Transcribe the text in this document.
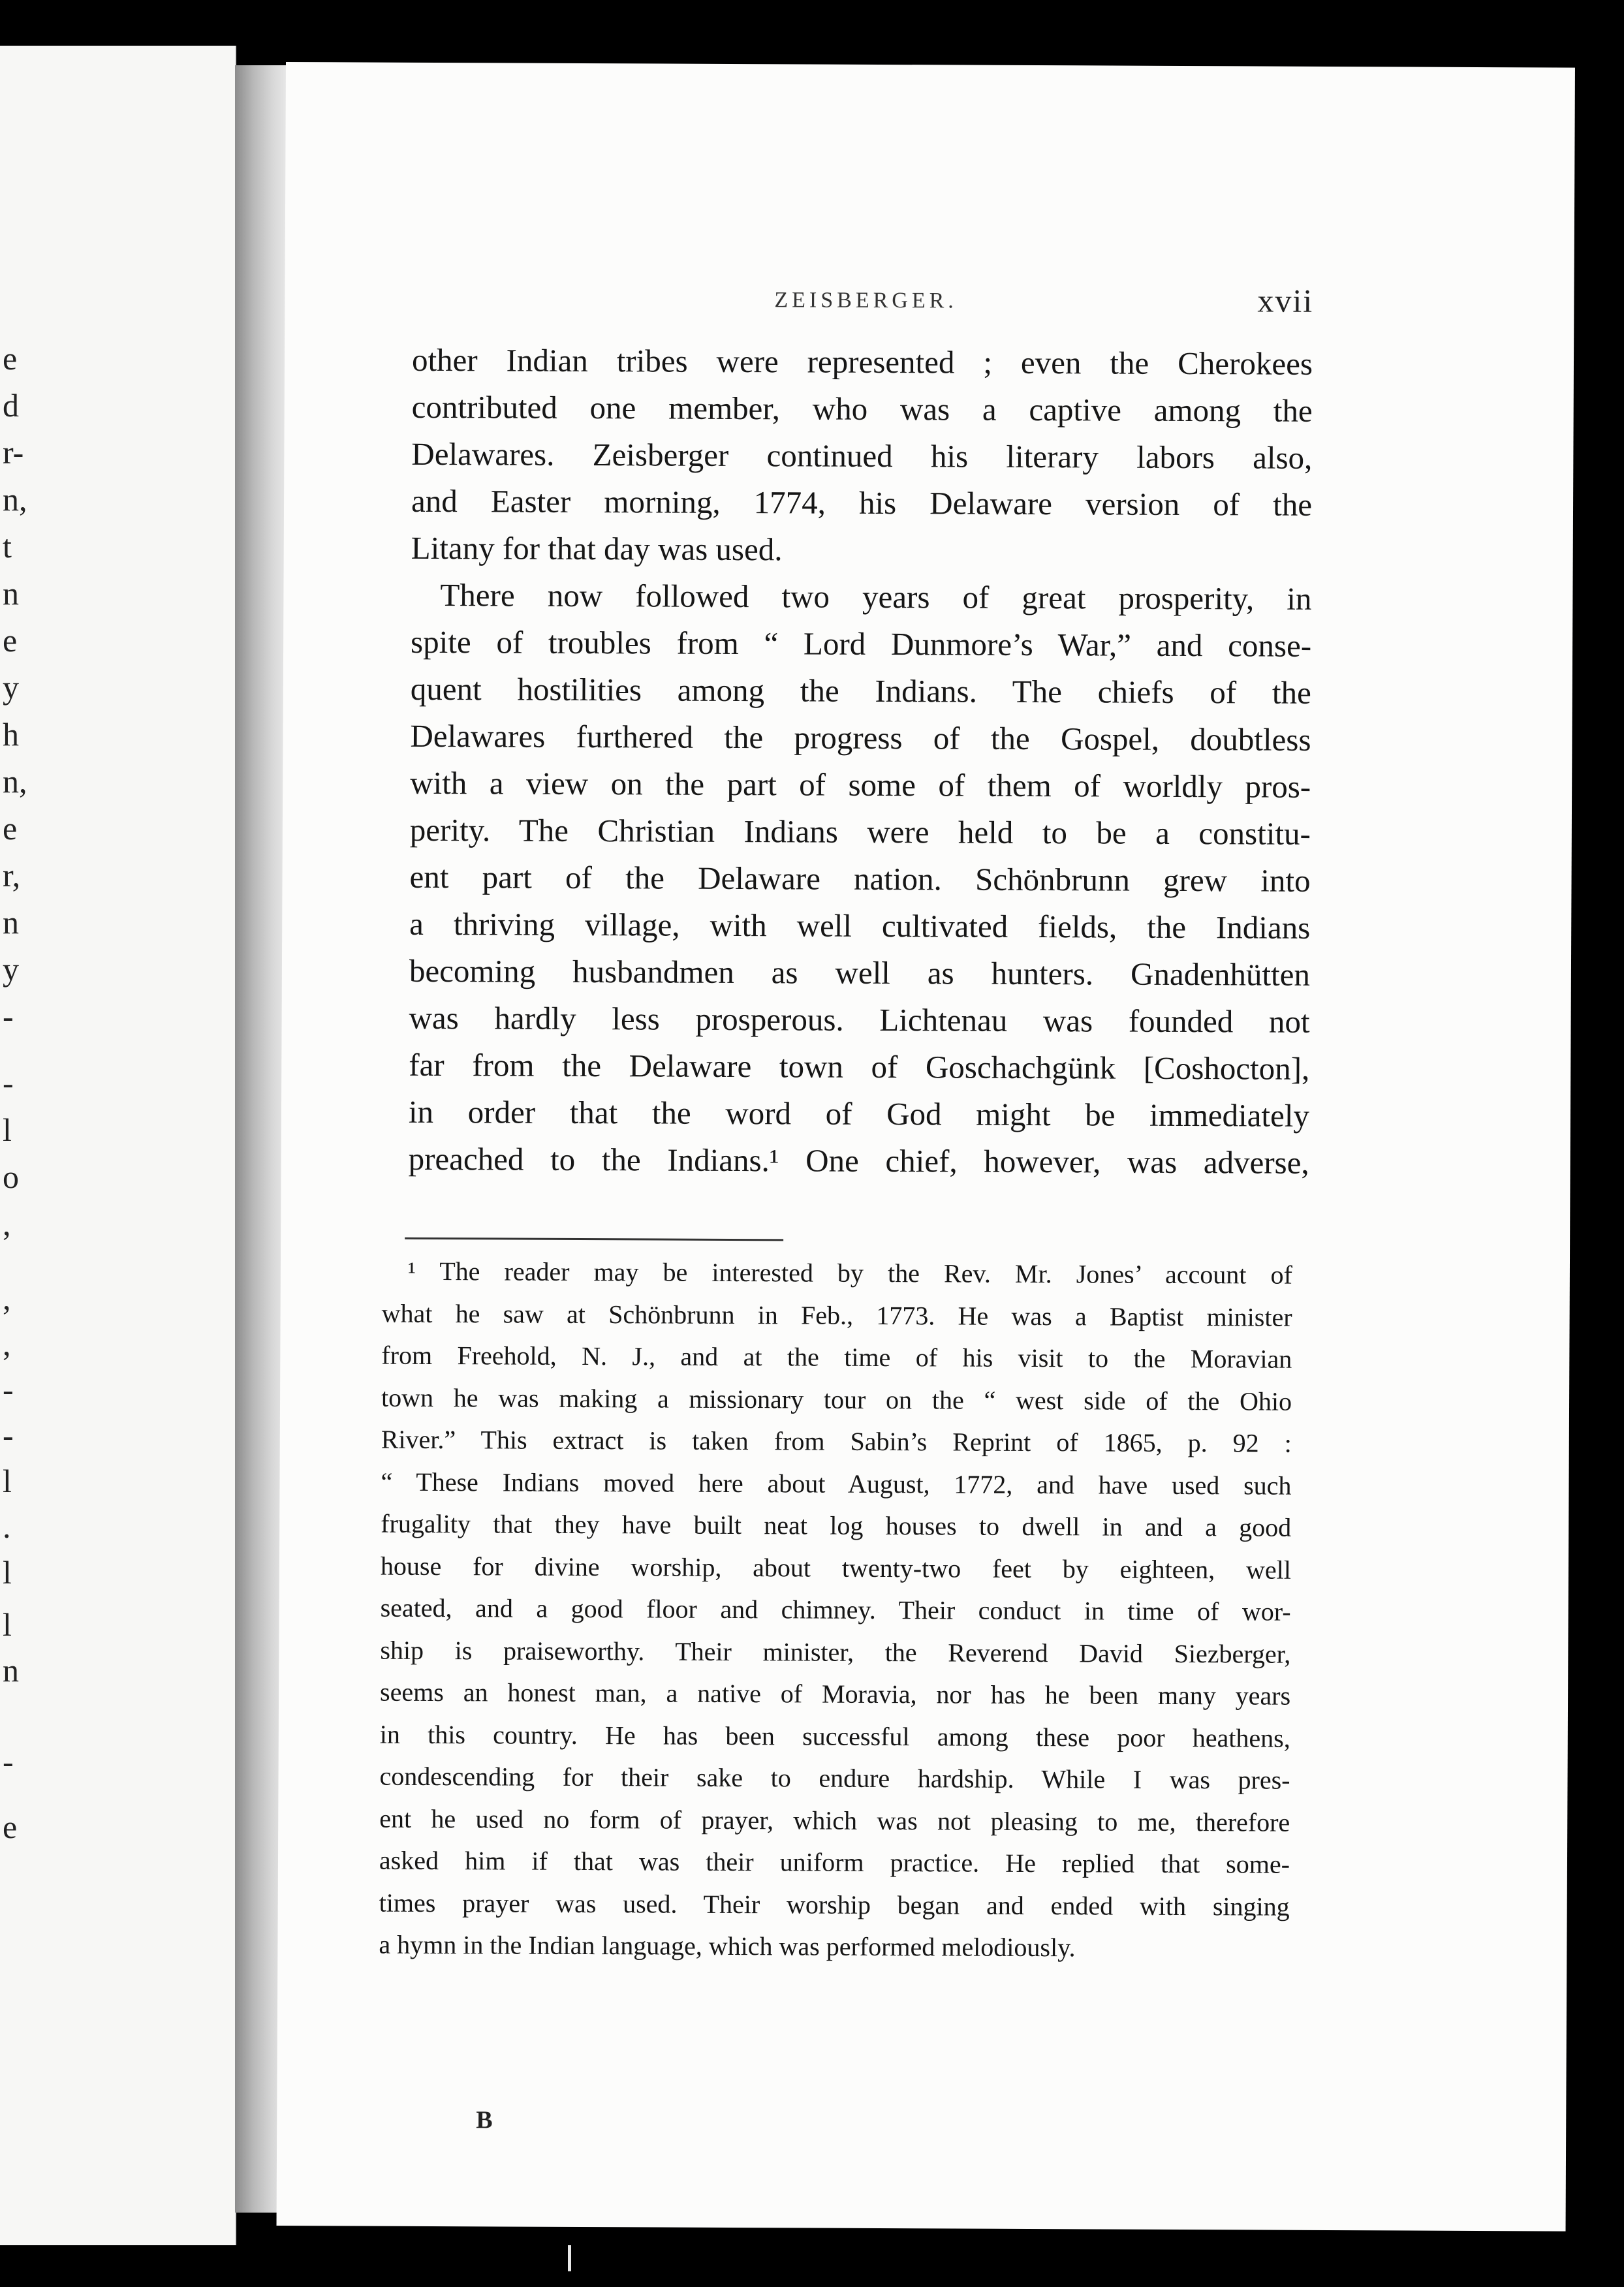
e
d
r-
n,
t
n
e
y
h
n,
e
r,
n
y
-
-
l
o
,
,
,
-
-
l
.
l
l
n
-
e
ZEISBERGER.	xvii
other Indian tribes were represented ; even the Cherokees
contributed one member, who was a captive among the
Delawares. Zeisberger continued his literary labors also,
and Easter morning, 1774, his Delaware version of the
Litany for that day was used.
There now followed two years of great prosperity, in
spite of troubles from “ Lord Dunmore’s War,” and conse-
quent hostilities among the Indians. The chiefs of the
Delawares furthered the progress of the Gospel, doubtless
with a view on the part of some of them of worldly pros-
perity. The Christian Indians were held to be a constitu-
ent part of the Delaware nation. Schönbrunn grew into
a thriving village, with well cultivated fields, the Indians
becoming husbandmen as well as hunters. Gnadenhütten
was hardly less prosperous. Lichtenau was founded not
far from the Delaware town of Goschachgünk [Coshocton],
in order that the word of God might be immediately
preached to the Indians.¹ One chief, however, was adverse,
¹ The reader may be interested by the Rev. Mr. Jones’ account of
what he saw at Schönbrunn in Feb., 1773. He was a Baptist minister
from Freehold, N. J., and at the time of his visit to the Moravian
town he was making a missionary tour on the “ west side of the Ohio
River.” This extract is taken from Sabin’s Reprint of 1865, p. 92 :
“ These Indians moved here about August, 1772, and have used such
frugality that they have built neat log houses to dwell in and a good
house for divine worship, about twenty-two feet by eighteen, well
seated, and a good floor and chimney. Their conduct in time of wor-
ship is praiseworthy. Their minister, the Reverend David Siezberger,
seems an honest man, a native of Moravia, nor has he been many years
in this country. He has been successful among these poor heathens,
condescending for their sake to endure hardship. While I was pres-
ent he used no form of prayer, which was not pleasing to me, therefore
asked him if that was their uniform practice. He replied that some-
times prayer was used. Their worship began and ended with singing
a hymn in the Indian language, which was performed melodiously.
B
